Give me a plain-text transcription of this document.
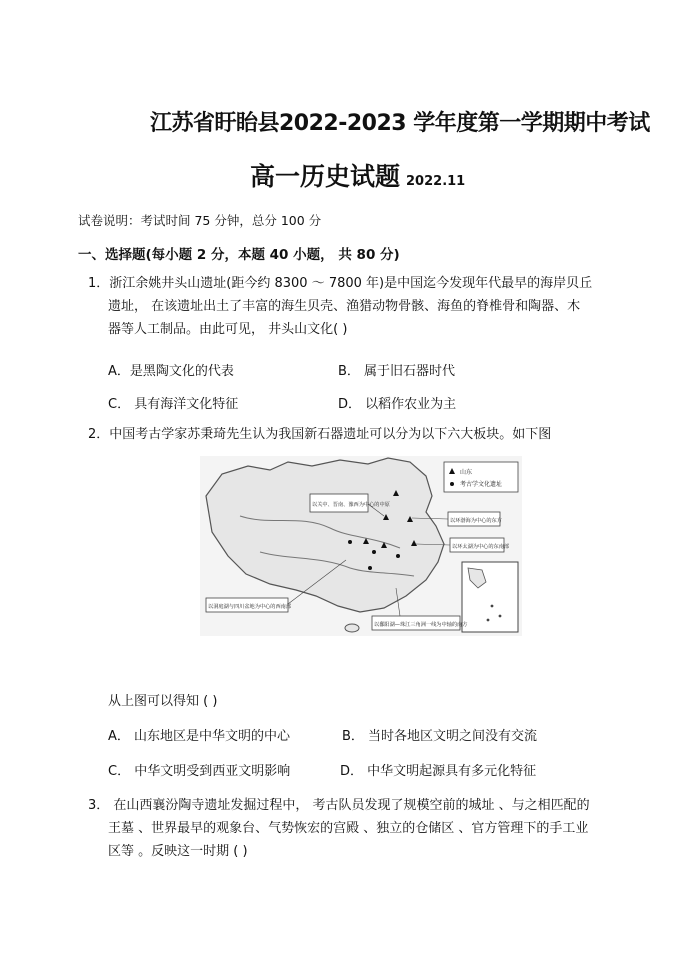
江苏省盱眙县2022-2023 学年度第一学期期中考试
高一历史试题 2022.11
试卷说明：考试时间 75 分钟，总分 100 分
一、选择题(每小题 2 分，本题 40 小题， 共 80 分)
1．浙江余姚井头山遗址(距今约 8300 ～ 7800 年)是中国迄今发现年代最早的海岸贝丘
遗址， 在该遗址出土了丰富的海生贝壳、渔猎动物骨骸、海鱼的脊椎骨和陶器、木
器等人工制品。由此可见， 井头山文化( )
A．是黑陶文化的代表	B． 属于旧石器时代
C． 具有海洋文化特征	D． 以稻作农业为主
2．中国考古学家苏秉琦先生认为我国新石器遗址可以分为以下六大板块。如下图
山东
考古学文化遗址
以关中、晋南、豫西为中心的中原
以环渤海为中心的东方
以环太湖为中心的东南部
以洞庭湖与四川盆地为中心的西南部
以鄱阳湖—珠江三角洲一线为中轴的南方
从上图可以得知 ( )
A． 山东地区是中华文明的中心	B． 当时各地区文明之间没有交流
C． 中华文明受到西亚文明影响	D． 中华文明起源具有多元化特征
3． 在山西襄汾陶寺遗址发掘过程中， 考古队员发现了规模空前的城址 、与之相匹配的
王墓 、世界最早的观象台、气势恢宏的宫殿 、独立的仓储区 、官方管理下的手工业
区等 。反映这一时期 ( )
